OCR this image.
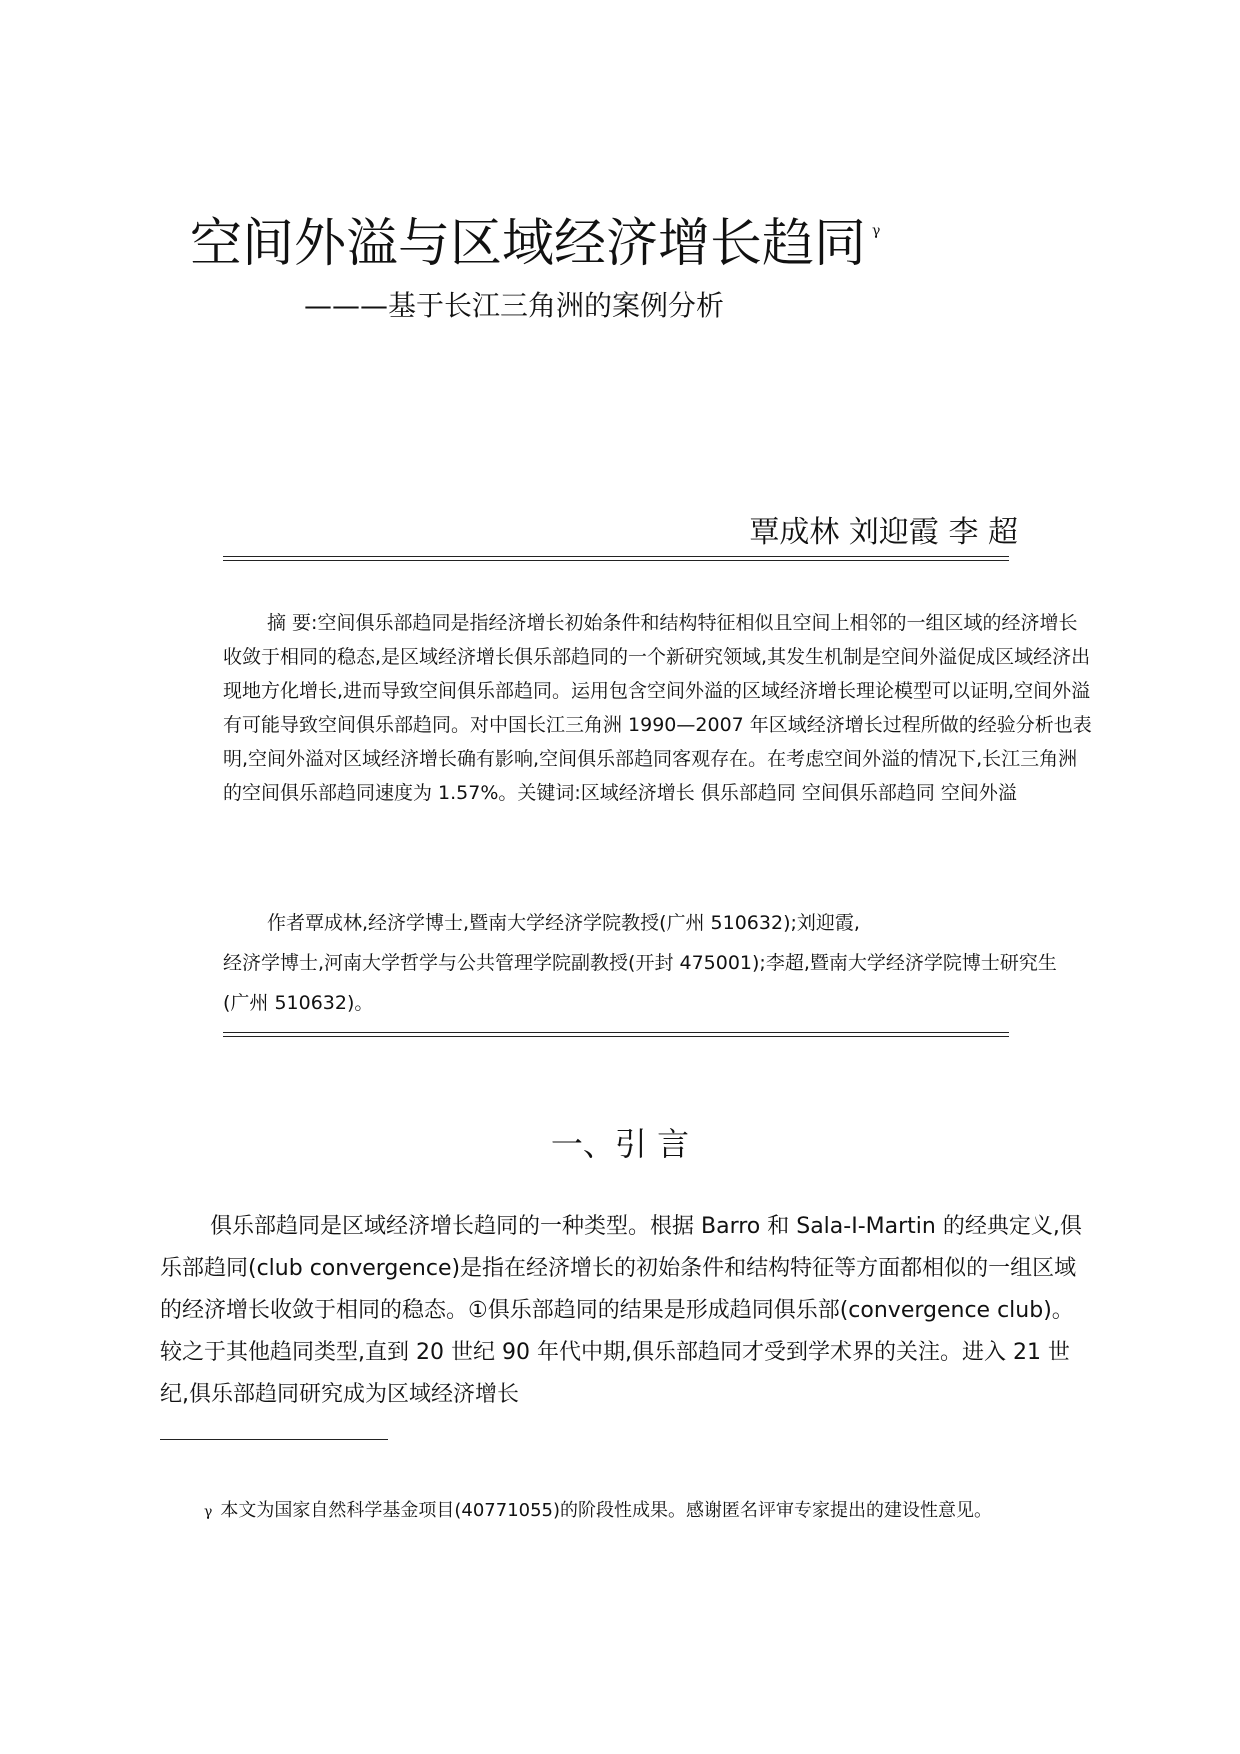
空间外溢与区域经济增长趋同 $^\gamma$
———基于长江三角洲的案例分析
覃成林 刘迎霞 李 超
摘 要:空间俱乐部趋同是指经济增长初始条件和结构特征相似且空间上相邻的一组区域的经济增长收敛于相同的稳态,是区域经济增长俱乐部趋同的一个新研究领域,其发生机制是空间外溢促成区域经济出现地方化增长,进而导致空间俱乐部趋同。运用包含空间外溢的区域经济增长理论模型可以证明,空间外溢有可能导致空间俱乐部趋同。对中国长江三角洲 1990—2007 年区域经济增长过程所做的经验分析也表明,空间外溢对区域经济增长确有影响,空间俱乐部趋同客观存在。在考虑空间外溢的情况下,长江三角洲的空间俱乐部趋同速度为 1.57%。关键词:区域经济增长 俱乐部趋同 空间俱乐部趋同 空间外溢
作者覃成林,经济学博士,暨南大学经济学院教授(广州 510632);刘迎霞,
经济学博士,河南大学哲学与公共管理学院副教授(开封 475001);李超,暨南大学经济学院博士研究生
(广州 510632)。
一、引 言
俱乐部趋同是区域经济增长趋同的一种类型。根据 Barro 和 Sala-I-Martin 的经典定义,俱乐部趋同(club convergence)是指在经济增长的初始条件和结构特征等方面都相似的一组区域的经济增长收敛于相同的稳态。①俱乐部趋同的结果是形成趋同俱乐部(convergence club)。较之于其他趋同类型,直到 20 世纪 90 年代中期,俱乐部趋同才受到学术界的关注。进入 21 世纪,俱乐部趋同研究成为区域经济增长
γ 本文为国家自然科学基金项目(40771055)的阶段性成果。感谢匿名评审专家提出的建设性意见。
